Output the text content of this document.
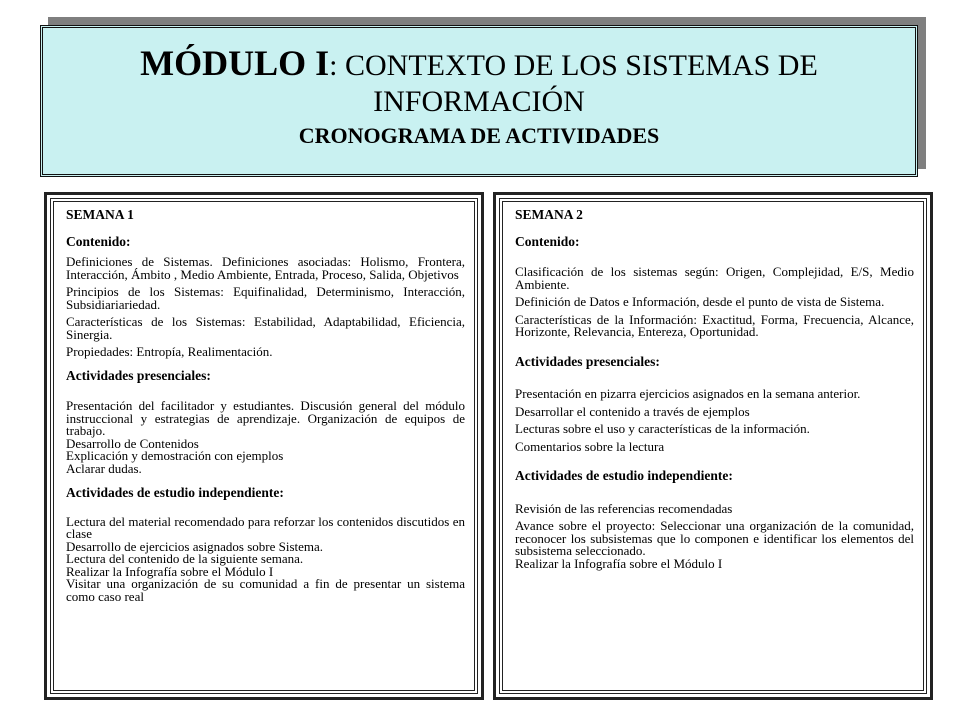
MÓDULO I: CONTEXTO DE LOS SISTEMAS DE
INFORMACIÓN
CRONOGRAMA DE ACTIVIDADES
SEMANA 1
Contenido:
Definiciones de Sistemas. Definiciones asociadas: Holismo, Frontera, Interacción, Ámbito , Medio Ambiente, Entrada, Proceso, Salida, Objetivos
Principios de los Sistemas: Equifinalidad, Determinismo, Interacción, Subsidiariariedad.
Características de los Sistemas: Estabilidad, Adaptabilidad, Eficiencia, Sinergia.
Propiedades: Entropía, Realimentación.
Actividades presenciales:
Presentación del facilitador y estudiantes. Discusión general del módulo instruccional y estrategias de aprendizaje. Organización de equipos de trabajo.
Desarrollo de Contenidos
Explicación y demostración con ejemplos
Aclarar dudas.
Actividades de estudio independiente:
Lectura del material recomendado para reforzar los contenidos discutidos en clase
Desarrollo de ejercicios asignados sobre Sistema.
Lectura del contenido de la siguiente semana.
Realizar la Infografía sobre el Módulo I
Visitar una organización de su comunidad a fin de presentar un sistema como caso real
SEMANA 2
Contenido:
Clasificación de los sistemas según: Origen, Complejidad, E/S, Medio Ambiente.
Definición de Datos e Información, desde el punto de vista de Sistema.
Características de la Información: Exactitud, Forma, Frecuencia, Alcance, Horizonte, Relevancia, Entereza, Oportunidad.
Actividades presenciales:
Presentación en pizarra ejercicios asignados en la semana anterior.
Desarrollar el contenido a través de ejemplos
Lecturas sobre el uso y características de la información.
Comentarios sobre la lectura
Actividades de estudio independiente:
Revisión de las referencias recomendadas
Avance sobre el proyecto: Seleccionar una organización de la comunidad, reconocer los subsistemas que lo componen e identificar los elementos del subsistema seleccionado.
Realizar la Infografía sobre el Módulo I
